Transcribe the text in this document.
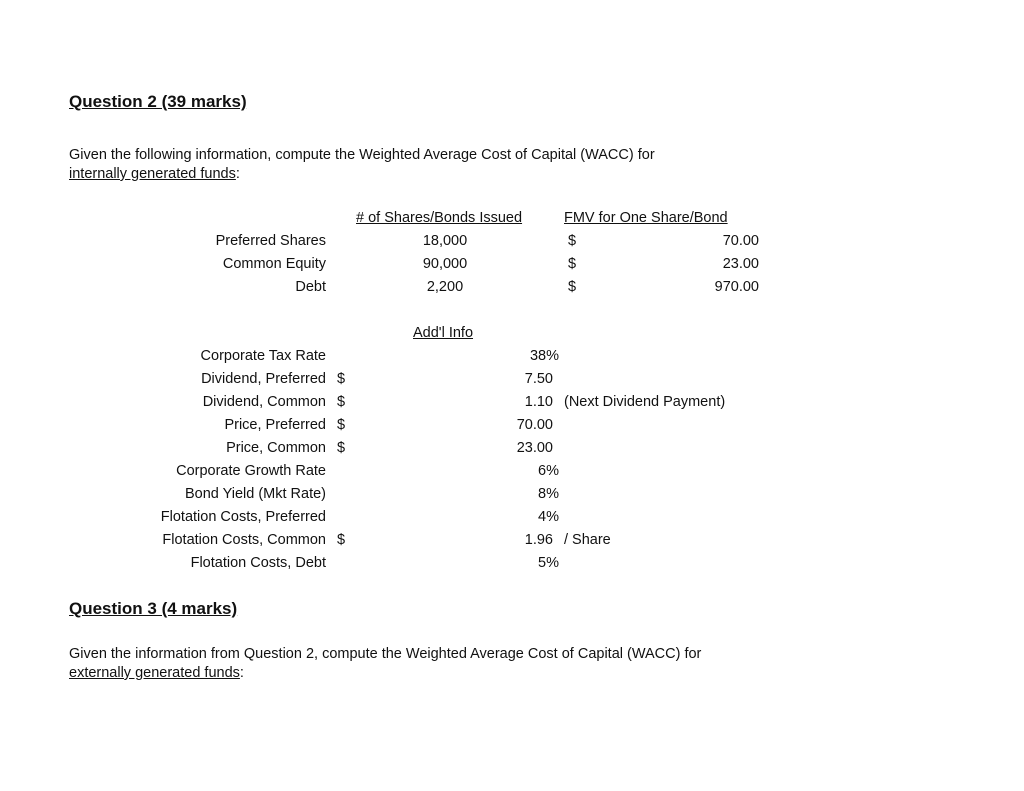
Question 2 (39 marks)
Given the following information, compute the Weighted Average Cost of Capital (WACC) for
internally generated funds:
# of Shares/Bonds Issued	FMV for One Share/Bond
Preferred Shares	18,000	$	70.00
Common Equity	90,000	$	23.00
Debt	2,200	$	970.00
Add'l Info
Corporate Tax Rate	38%
Dividend, Preferred $	7.50
Dividend, Common $	1.10 (Next Dividend Payment)
Price, Preferred $	70.00
Price, Common $	23.00
Corporate Growth Rate	6%
Bond Yield (Mkt Rate)	8%
Flotation Costs, Preferred	4%
Flotation Costs, Common $	1.96 / Share
Flotation Costs, Debt	5%
Question 3 (4 marks)
Given the information from Question 2, compute the Weighted Average Cost of Capital (WACC) for
externally generated funds:
